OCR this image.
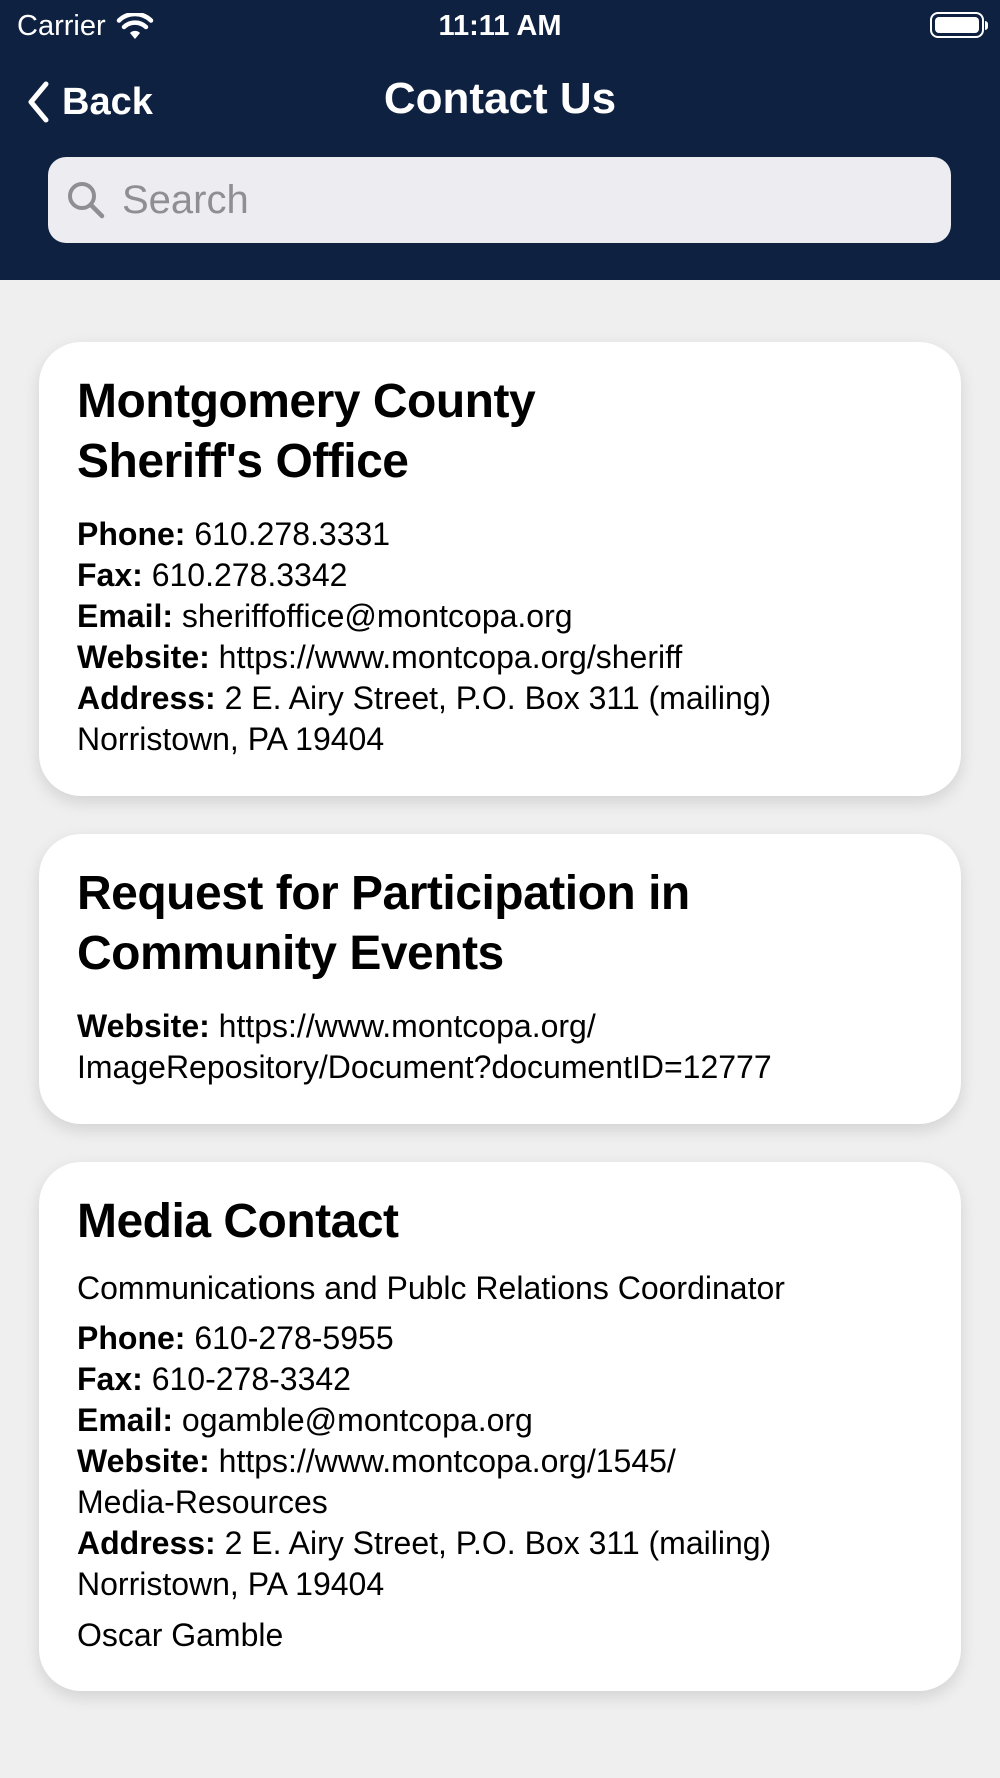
Carrier	11:11 AM
Back	Contact Us
Search
Montgomery County Sheriff's Office
Phone: 610.278.3331
Fax: 610.278.3342
Email: sheriffoffice@montcopa.org
Website: https://www.montcopa.org/sheriff
Address: 2 E. Airy Street, P.O. Box 311 (mailing)
Norristown, PA 19404
Request for Participation in Community Events
Website: https://www.montcopa.org/
ImageRepository/Document?documentID=12777
Media Contact
Communications and Publc Relations Coordinator
Phone: 610-278-5955
Fax: 610-278-3342
Email: ogamble@montcopa.org
Website: https://www.montcopa.org/1545/
Media-Resources
Address: 2 E. Airy Street, P.O. Box 311 (mailing)
Norristown, PA 19404
Oscar Gamble
